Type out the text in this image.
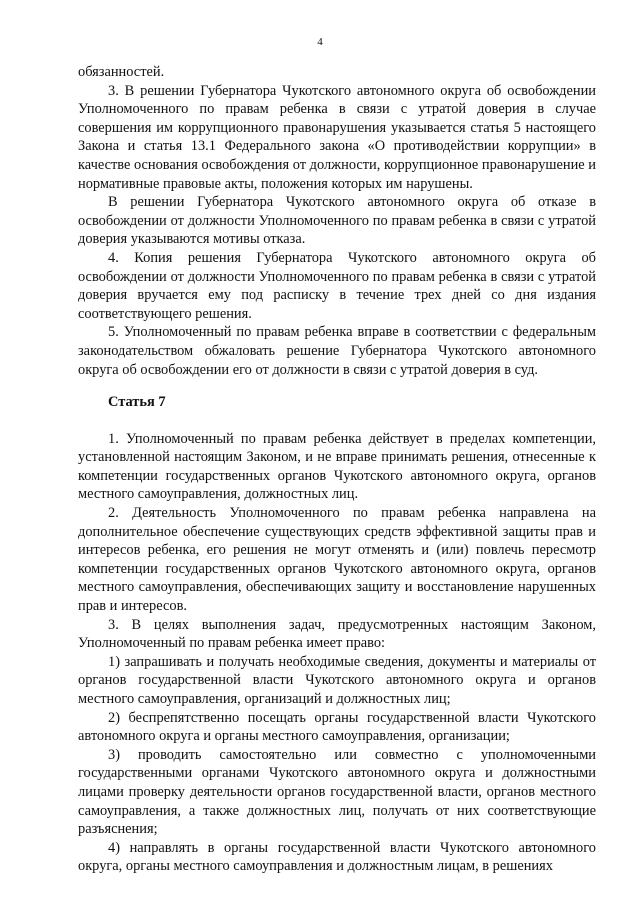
4

обязанностей.

3. В решении Губернатора Чукотского автономного округа об освобождении Уполномоченного по правам ребенка в связи с утратой доверия в случае совершения им коррупционного правонарушения указывается статья 5 настоящего Закона и статья 13.1 Федерального закона «О противодействии коррупции» в качестве основания освобождения от должности, коррупционное правонарушение и нормативные правовые акты, положения которых им нарушены.

В решении Губернатора Чукотского автономного округа об отказе в освобождении от должности Уполномоченного по правам ребенка в связи с утратой доверия указываются мотивы отказа.

4. Копия решения Губернатора Чукотского автономного округа об освобождении от должности Уполномоченного по правам ребенка в связи с утратой доверия вручается ему под расписку в течение трех дней со дня издания соответствующего решения.

5. Уполномоченный по правам ребенка вправе в соответствии с федеральным законодательством обжаловать решение Губернатора Чукотского автономного округа об освобождении его от должности в связи с утратой доверия в суд.

Статья 7

1. Уполномоченный по правам ребенка действует в пределах компетенции, установленной настоящим Законом, и не вправе принимать решения, отнесенные к компетенции государственных органов Чукотского автономного округа, органов местного самоуправления, должностных лиц.

2. Деятельность Уполномоченного по правам ребенка направлена на дополнительное обеспечение существующих средств эффективной защиты прав и интересов ребенка, его решения не могут отменять и (или) повлечь пересмотр компетенции государственных органов Чукотского автономного округа, органов местного самоуправления, обеспечивающих защиту и восстановление нарушенных прав и интересов.

3. В целях выполнения задач, предусмотренных настоящим Законом, Уполномоченный по правам ребенка имеет право:

1) запрашивать и получать необходимые сведения, документы и материалы от органов государственной власти Чукотского автономного округа и органов местного самоуправления, организаций и должностных лиц;

2) беспрепятственно посещать органы государственной власти Чукотского автономного округа и органы местного самоуправления, организации;

3) проводить самостоятельно или совместно с уполномоченными государственными органами Чукотского автономного округа и должностными лицами проверку деятельности органов государственной власти, органов местного самоуправления, а также должностных лиц, получать от них соответствующие разъяснения;

4) направлять в органы государственной власти Чукотского автономного округа, органы местного самоуправления и должностным лицам, в решениях
